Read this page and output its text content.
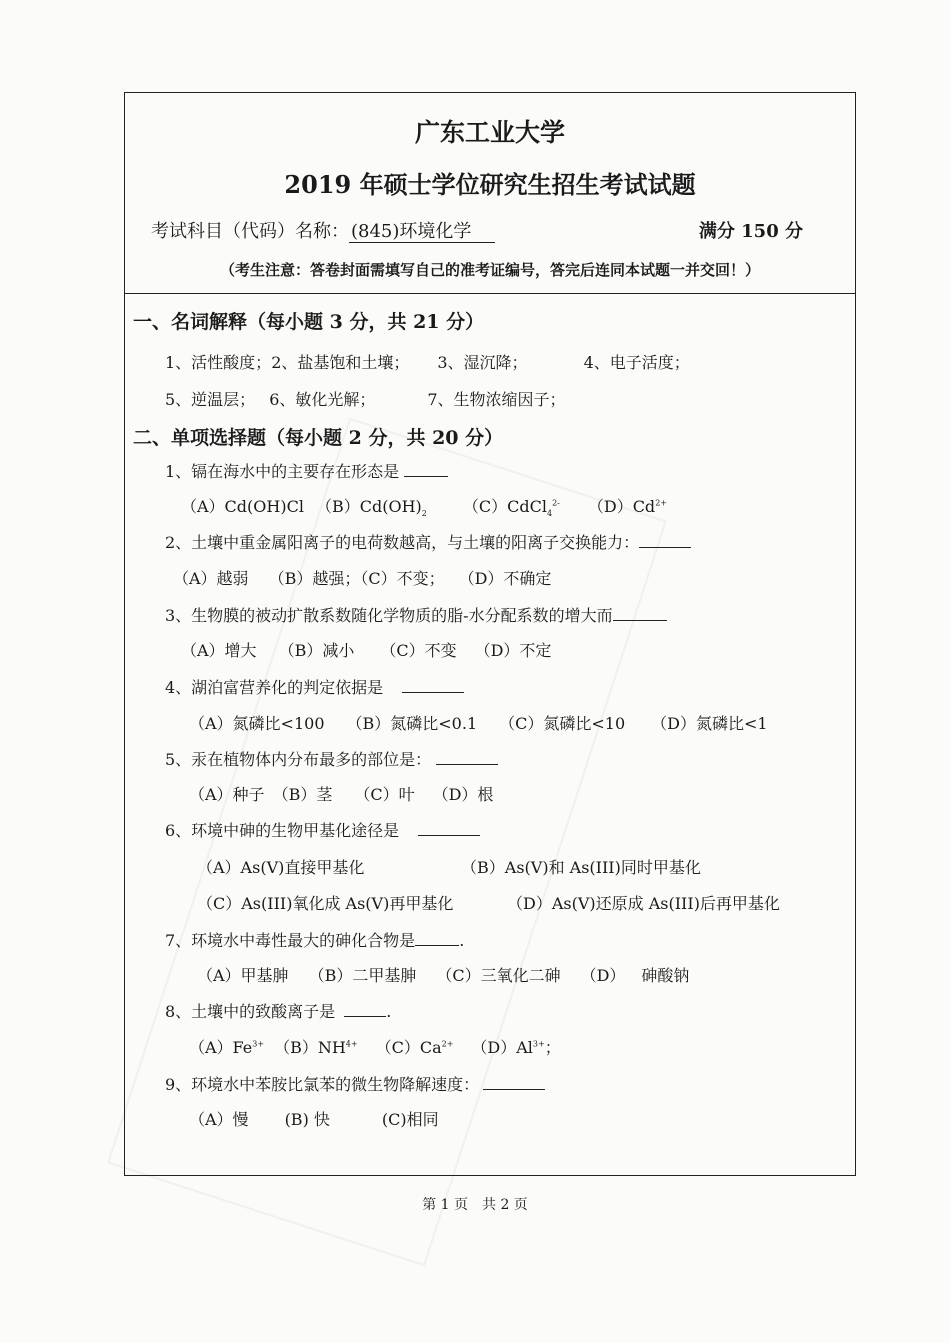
广东工业大学
2019 年硕士学位研究生招生考试试题
考试科目（代码）名称： (845)环境化学	满分 150 分
（考生注意：答卷封面需填写自己的准考证编号，答完后连同本试题一并交回！）
一、名词解释（每小题 3 分，共 21 分）
1、活性酸度；2、盐基饱和土壤； 3、湿沉降；	4、电子活度；
5、逆温层； 6、敏化光解；	7、生物浓缩因子；
二、单项选择题（每小题 2 分，共 20 分）
1、镉在海水中的主要存在形态是
（A）Cd(OH)Cl $(B)Cd(OH)_2$ （C）CdCl$_4^{2-}$ $(D)Cd^{2+}$
2、土壤中重金属阳离子的电荷数越高，与土壤的阳离子交换能力：
（A）越弱 （B）越强；（C）不变； （D）不确定
3、生物膜的被动扩散系数随化学物质的脂-水分配系数的增大而
（A）增大 （B）减小 （C）不变 （D）不定
4、湖泊富营养化的判定依据是
（A）氮磷比<100 （B）氮磷比<0.1 （C）氮磷比<10 （D）氮磷比<1
5、汞在植物体内分布最多的部位是：
（A）种子 （B）茎 （C）叶 （D）根
6、环境中砷的生物甲基化途径是
（A）As(V)直接甲基化	（B）As(V)和 As(III)同时甲基化
（C）As(III)氧化成 As(V)再甲基化	（D）As(V)还原成 As(III)后再甲基化
7、环境水中毒性最大的砷化合物是	.
（A）甲基胂 （B）二甲基胂 （C）三氧化二砷 （D） 砷酸钠
8、土壤中的致酸离子是	.
$(A)Fe^{3+}$ $(B)NH^{4+}$ $(C)Ca^{2+}$ $(D)Al^{3+}$；
9、环境水中苯胺比氯苯的微生物降解速度：
（A）慢 (B) 快	(C)相同
第 1 页　共 2 页
